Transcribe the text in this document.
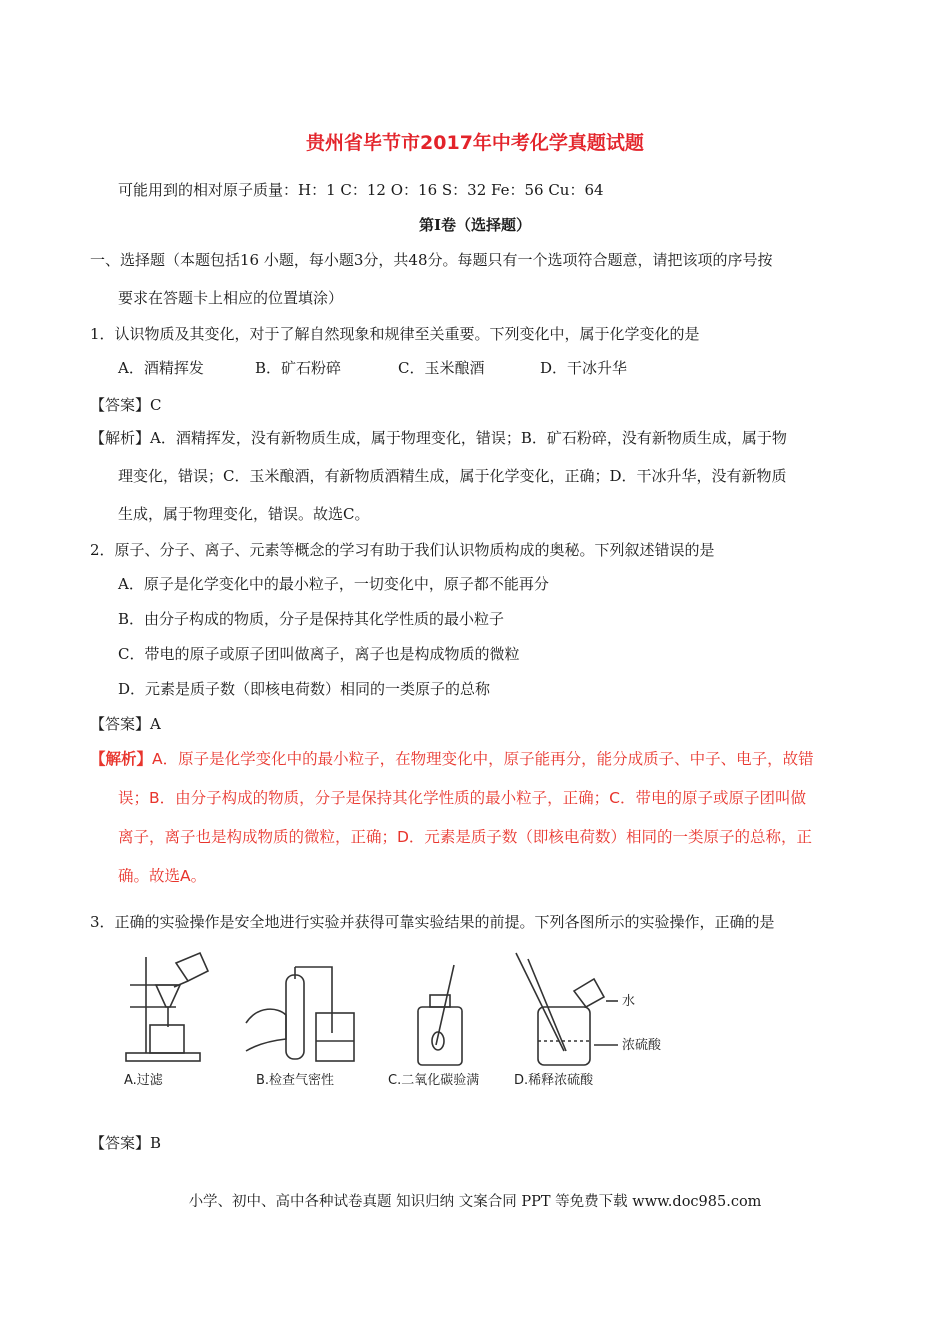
贵州省毕节市2017年中考化学真题试题
可能用到的相对原子质量：H：1 C：12 O：16 S：32 Fe：56 Cu：64
第Ⅰ卷（选择题）
一、选择题（本题包括16 小题，每小题3分，共48分。每题只有一个选项符合题意，请把该项的序号按
要求在答题卡上相应的位置填涂）
1．认识物质及其变化，对于了解自然现象和规律至关重要。下列变化中，属于化学变化的是
A．酒精挥发	B．矿石粉碎	C．玉米酿酒	D．干冰升华
【答案】C
【解析】A．酒精挥发，没有新物质生成，属于物理变化，错误；B．矿石粉碎，没有新物质生成，属于物
理变化，错误；C．玉米酿酒，有新物质酒精生成，属于化学变化，正确；D．干冰升华，没有新物质
生成，属于物理变化，错误。故选C。
2．原子、分子、离子、元素等概念的学习有助于我们认识物质构成的奥秘。下列叙述错误的是
A．原子是化学变化中的最小粒子，一切变化中，原子都不能再分
B．由分子构成的物质，分子是保持其化学性质的最小粒子
C．带电的原子或原子团叫做离子，离子也是构成物质的微粒
D．元素是质子数（即核电荷数）相同的一类原子的总称
【答案】A
【解析】A．原子是化学变化中的最小粒子，在物理变化中，原子能再分，能分成质子、中子、电子，故错
误；B．由分子构成的物质，分子是保持其化学性质的最小粒子，正确；C．带电的原子或原子团叫做
离子，离子也是构成物质的微粒，正确；D．元素是质子数（即核电荷数）相同的一类原子的总称，正
确。故选A。
3．正确的实验操作是安全地进行实验并获得可靠实验结果的前提。下列各图所示的实验操作，正确的是
A.过滤	B.检查气密性	C.二氧化碳验满
水
浓硫酸
D.稀释浓硫酸
【答案】B
小学、初中、高中各种试卷真题 知识归纳 文案合同 PPT 等免费下载 www.doc985.com
